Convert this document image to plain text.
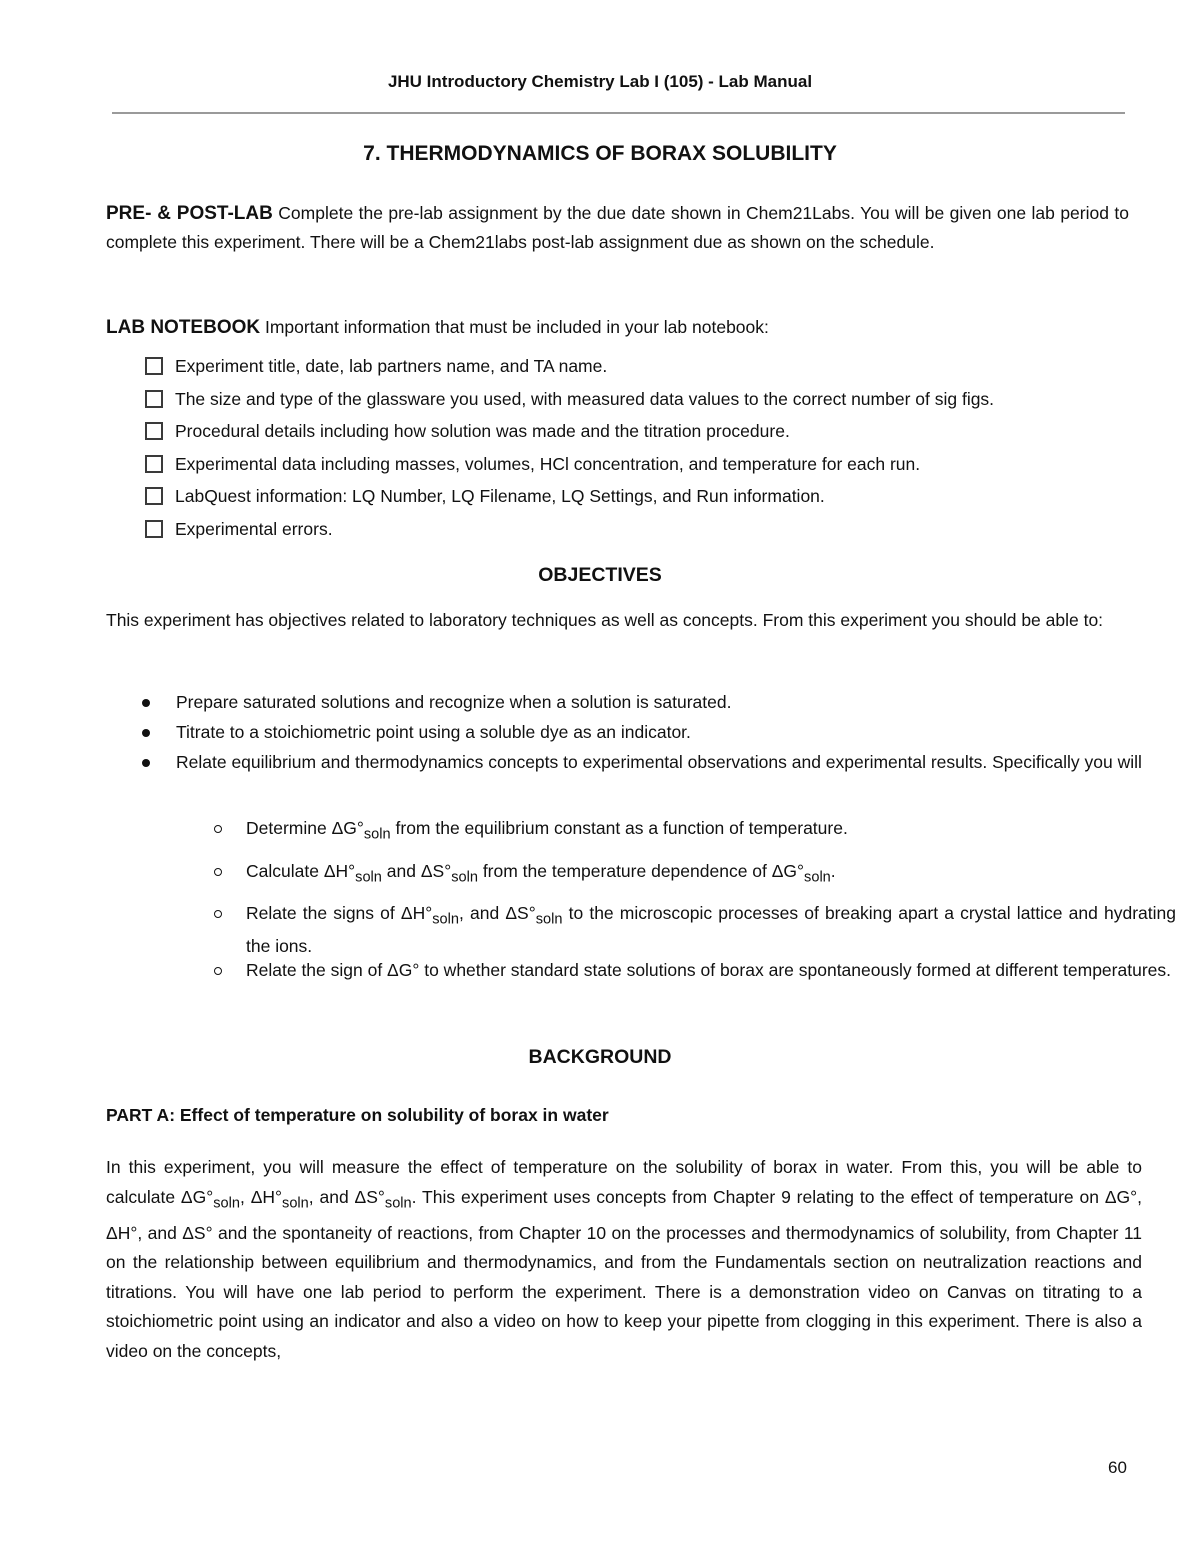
JHU Introductory Chemistry Lab I (105) - Lab Manual
7. THERMODYNAMICS OF BORAX SOLUBILITY
PRE- & POST-LAB Complete the pre-lab assignment by the due date shown in Chem21Labs. You will be given one lab period to complete this experiment. There will be a Chem21labs post-lab assignment due as shown on the schedule.
LAB NOTEBOOK Important information that must be included in your lab notebook:
Experiment title, date, lab partners name, and TA name.
The size and type of the glassware you used, with measured data values to the correct number of sig figs.
Procedural details including how solution was made and the titration procedure.
Experimental data including masses, volumes, HCl concentration, and temperature for each run.
LabQuest information: LQ Number, LQ Filename, LQ Settings, and Run information.
Experimental errors.
OBJECTIVES
This experiment has objectives related to laboratory techniques as well as concepts. From this experiment you should be able to:
Prepare saturated solutions and recognize when a solution is saturated.
Titrate to a stoichiometric point using a soluble dye as an indicator.
Relate equilibrium and thermodynamics concepts to experimental observations and experimental results. Specifically you will
Determine $\Delta G^\circ_{soln}$ from the equilibrium constant as a function of temperature.
Calculate $\Delta H^\circ_{soln}$ and $\Delta S^\circ_{soln}$ from the temperature dependence of $\Delta G^\circ_{soln}$.
Relate the signs of $\Delta H^\circ_{soln}$, and $\Delta S^\circ_{soln}$ to the microscopic processes of breaking apart a crystal lattice and hydrating the ions.
Relate the sign of ΔG° to whether standard state solutions of borax are spontaneously formed at different temperatures.
BACKGROUND
PART A: Effect of temperature on solubility of borax in water
In this experiment, you will measure the effect of temperature on the solubility of borax in water. From this, you will be able to calculate $\Delta G^\circ_{soln}$, $\Delta H^\circ_{soln}$, and $\Delta S^\circ_{soln}$. This experiment uses concepts from Chapter 9 relating to the effect of temperature on ΔG°, ΔH°, and ΔS° and the spontaneity of reactions, from Chapter 10 on the processes and thermodynamics of solubility, from Chapter 11 on the relationship between equilibrium and thermodynamics, and from the Fundamentals section on neutralization reactions and titrations. You will have one lab period to perform the experiment. There is a demonstration video on Canvas on titrating to a stoichiometric point using an indicator and also a video on how to keep your pipette from clogging in this experiment. There is also a video on the concepts,
60
